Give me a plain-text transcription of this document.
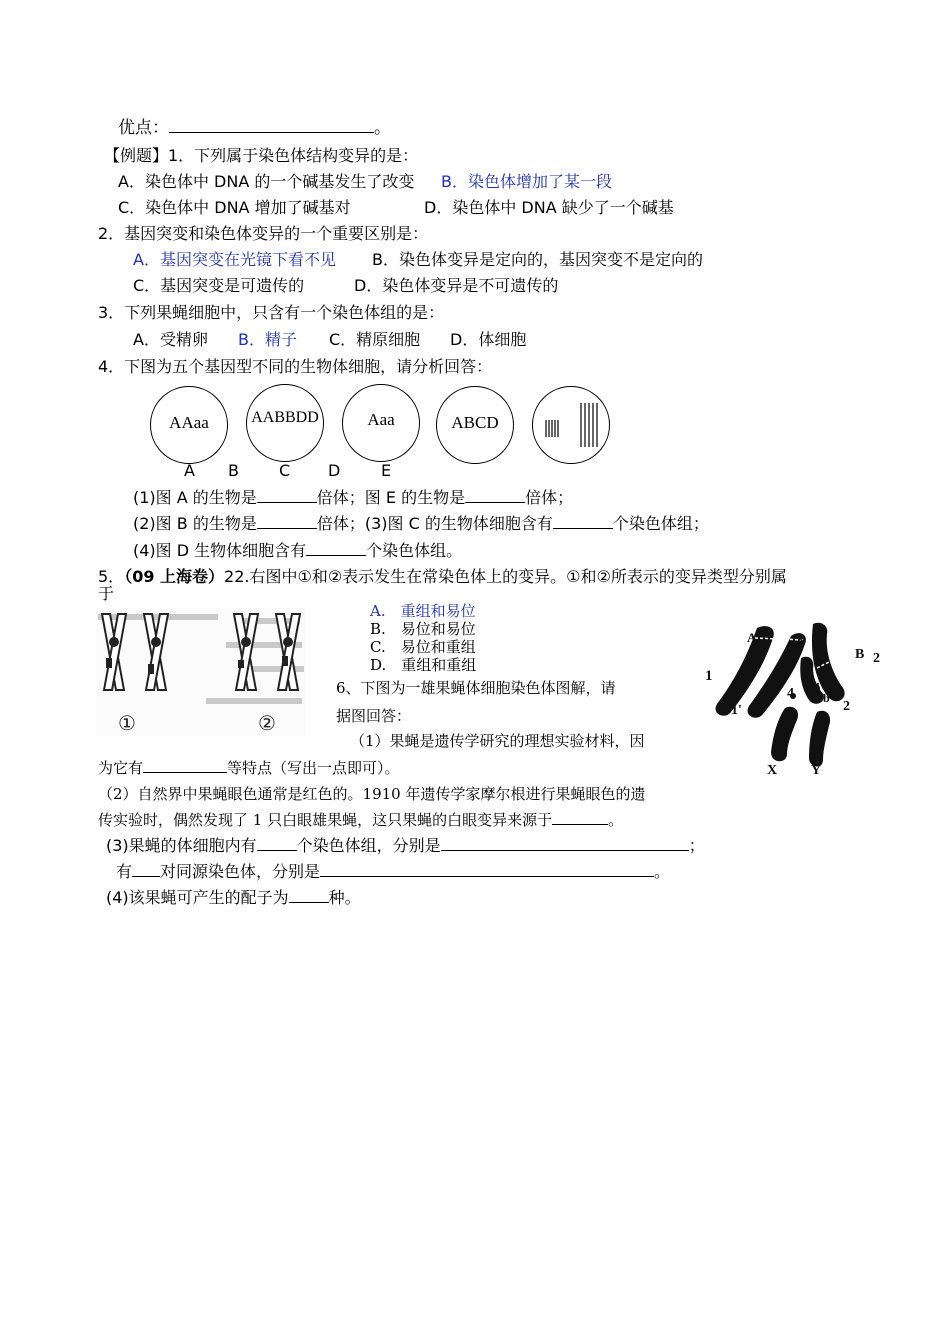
优点：	。
【例题】1．下列属于染色体结构变异的是：
A．染色体中 DNA 的一个碱基发生了改变 B．染色体增加了某一段
C．染色体中 DNA 增加了碱基对	D．染色体中 DNA 缺少了一个碱基
2．基因突变和染色体变异的一个重要区别是：
A．基因突变在光镜下看不见 B．染色体变异是定向的，基因突变不是定向的
C．基因突变是可遗传的	D．染色体变异是不可遗传的
3．下列果蝇细胞中，只含有一个染色体组的是：
A．受精卵 B．精子 C．精原细胞 D．体细胞
4．下图为五个基因型不同的生物体细胞，请分析回答：
AAaa	AABBDD	Aaa	ABCD
A B	C D	E
(1)图 A 的生物是	倍体；图 E 的生物是	倍体；
(2)图 B 的生物是	倍体；(3)图 C 的生物体细胞含有	个染色体组；
(4)图 D 生物体细胞含有	个染色体组。
5．（09 上海卷）22.右图中①和②表示发生在常染色体上的变异。①和②所表示的变异类型分别属
于
①	②
A.　重组和易位
B.　易位和易位
C.　易位和重组
D.　重组和重组
6、下图为一雄果蝇体细胞染色体图解，请
据图回答：
A	a
B 2
1
4 4
b
2
1'
X Y
（1）果蝇是遗传学研究的理想实验材料，因
为它有	等特点（写出一点即可）。
（2）自然界中果蝇眼色通常是红色的。1910 年遗传学家摩尔根进行果蝇眼色的遗
传实验时，偶然发现了 1 只白眼雄果蝇，这只果蝇的白眼变异来源于	。
(3)果蝇的体细胞内有	个染色体组，分别是	；
有 对同源染色体，分别是	。
(4)该果蝇可产生的配子为	种。
